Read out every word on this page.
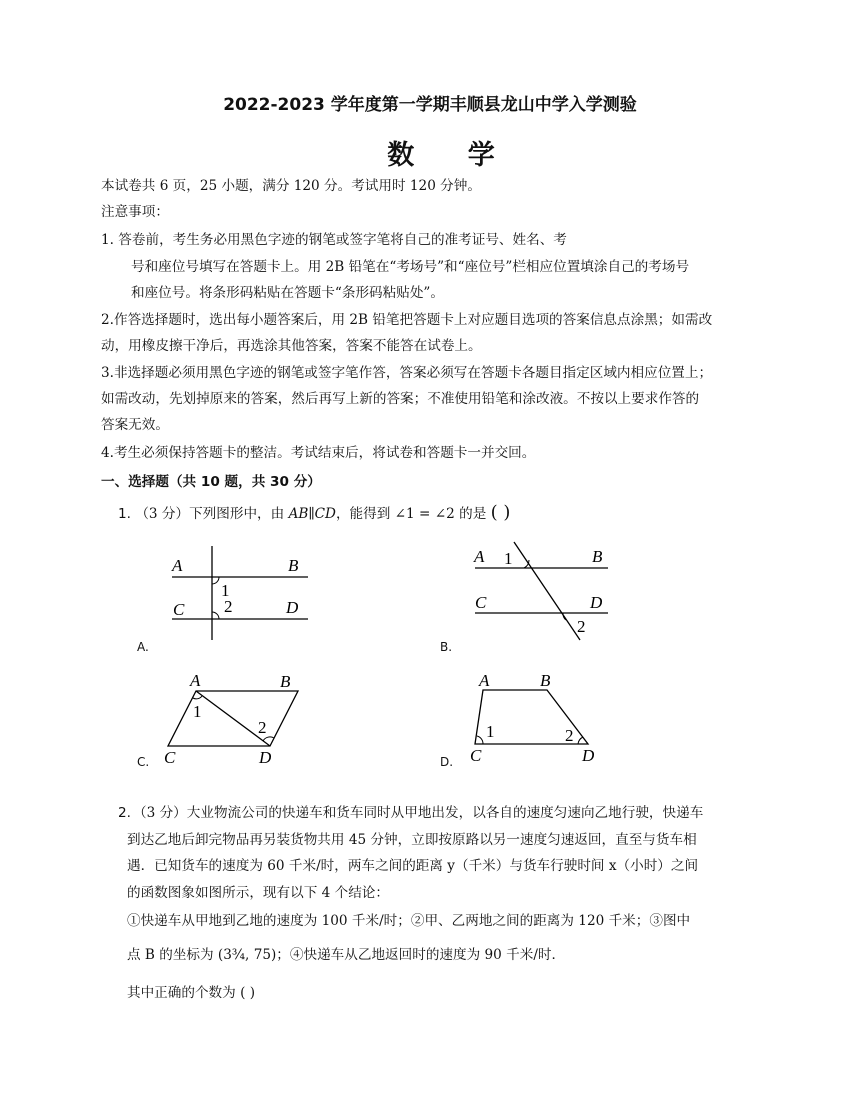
2022-2023 学年度第一学期丰顺县龙山中学入学测验
数 学
本试卷共 6 页，25 小题，满分 120 分。考试用时 120 分钟。
注意事项：
1. 答卷前，考生务必用黑色字迹的钢笔或签字笔将自己的准考证号、姓名、考
号和座位号填写在答题卡上。用 2B 铅笔在“考场号”和“座位号”栏相应位置填涂自己的考场号
和座位号。将条形码粘贴在答题卡“条形码粘贴处”。
2.作答选择题时，选出每小题答案后，用 2B 铅笔把答题卡上对应题目选项的答案信息点涂黑；如需改
动，用橡皮擦干净后，再选涂其他答案，答案不能答在试卷上。
3.非选择题必须用黑色字迹的钢笔或签字笔作答，答案必须写在答题卡各题目指定区域内相应位置上；
如需改动，先划掉原来的答案，然后再写上新的答案；不准使用铅笔和涂改液。不按以上要求作答的
答案无效。
4.考生必须保持答题卡的整洁。考试结束后，将试卷和答题卡一并交回。
一、选择题（共 10 题，共 30 分）
1. （3 分）下列图形中，由 AB∥CD，能得到 ∠1 = ∠2 的是 ( )
A	B
C	D
1
2
A.
A	B
C	D
1
2
B.
A	B
C	D
1
2
C.
A	B
C	D
1	2
D.
2. （3 分）大业物流公司的快递车和货车同时从甲地出发，以各自的速度匀速向乙地行驶，快递车
到达乙地后卸完物品再另装货物共用 45 分钟，立即按原路以另一速度匀速返回，直至与货车相
遇．已知货车的速度为 60 千米/时，两车之间的距离 y（千米）与货车行驶时间 x（小时）之间
的函数图象如图所示，现有以下 4 个结论：
①快递车从甲地到乙地的速度为 100 千米/时；②甲、乙两地之间的距离为 120 千米；③图中
点 B 的坐标为 (3¾, 75)；④快递车从乙地返回时的速度为 90 千米/时．
其中正确的个数为 ( )
